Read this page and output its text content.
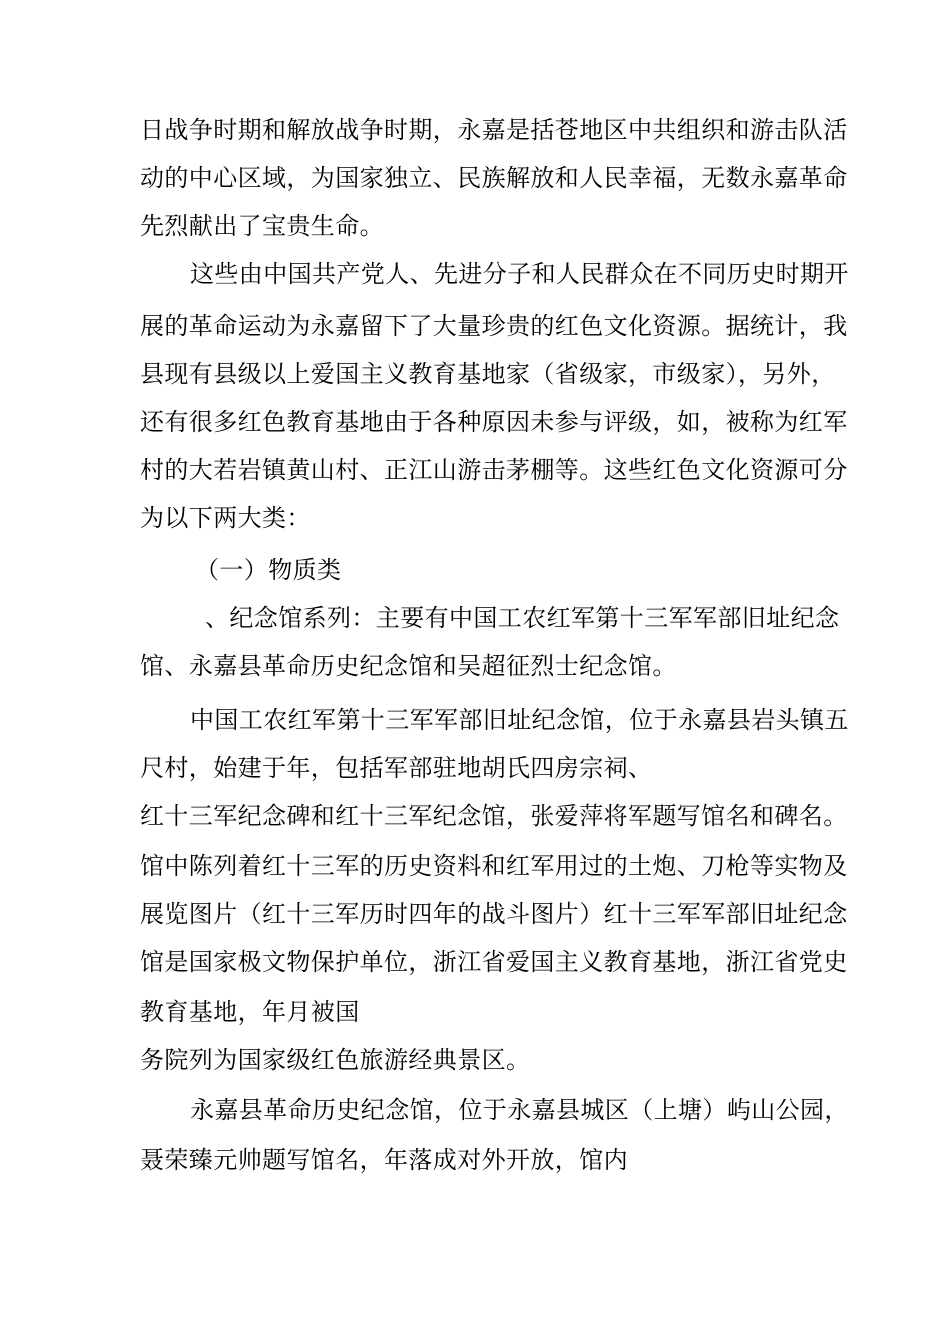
日战争时期和解放战争时期，永嘉是括苍地区中共组织和游击队活
动的中心区域，为国家独立、民族解放和人民幸福，无数永嘉革命
先烈献出了宝贵生命。
这些由中国共产党人、先进分子和人民群众在不同历史时期开
展的革命运动为永嘉留下了大量珍贵的红色文化资源。据统计，我
县现有县级以上爱国主义教育基地家（省级家，市级家），另外，
还有很多红色教育基地由于各种原因未参与评级，如，被称为红军
村的大若岩镇黄山村、正江山游击茅棚等。这些红色文化资源可分
为以下两大类：
（一）物质类
、纪念馆系列：主要有中国工农红军第十三军军部旧址纪念
馆、永嘉县革命历史纪念馆和吴超征烈士纪念馆。
中国工农红军第十三军军部旧址纪念馆，位于永嘉县岩头镇五
尺村，始建于年，包括军部驻地胡氏四房宗祠、
红十三军纪念碑和红十三军纪念馆，张爱萍将军题写馆名和碑名。
馆中陈列着红十三军的历史资料和红军用过的土炮、刀枪等实物及
展览图片（红十三军历时四年的战斗图片）红十三军军部旧址纪念
馆是国家极文物保护单位，浙江省爱国主义教育基地，浙江省党史
教育基地，年月被国
务院列为国家级红色旅游经典景区。
永嘉县革命历史纪念馆，位于永嘉县城区（上塘）屿山公园，
聂荣臻元帅题写馆名，年落成对外开放，馆内
